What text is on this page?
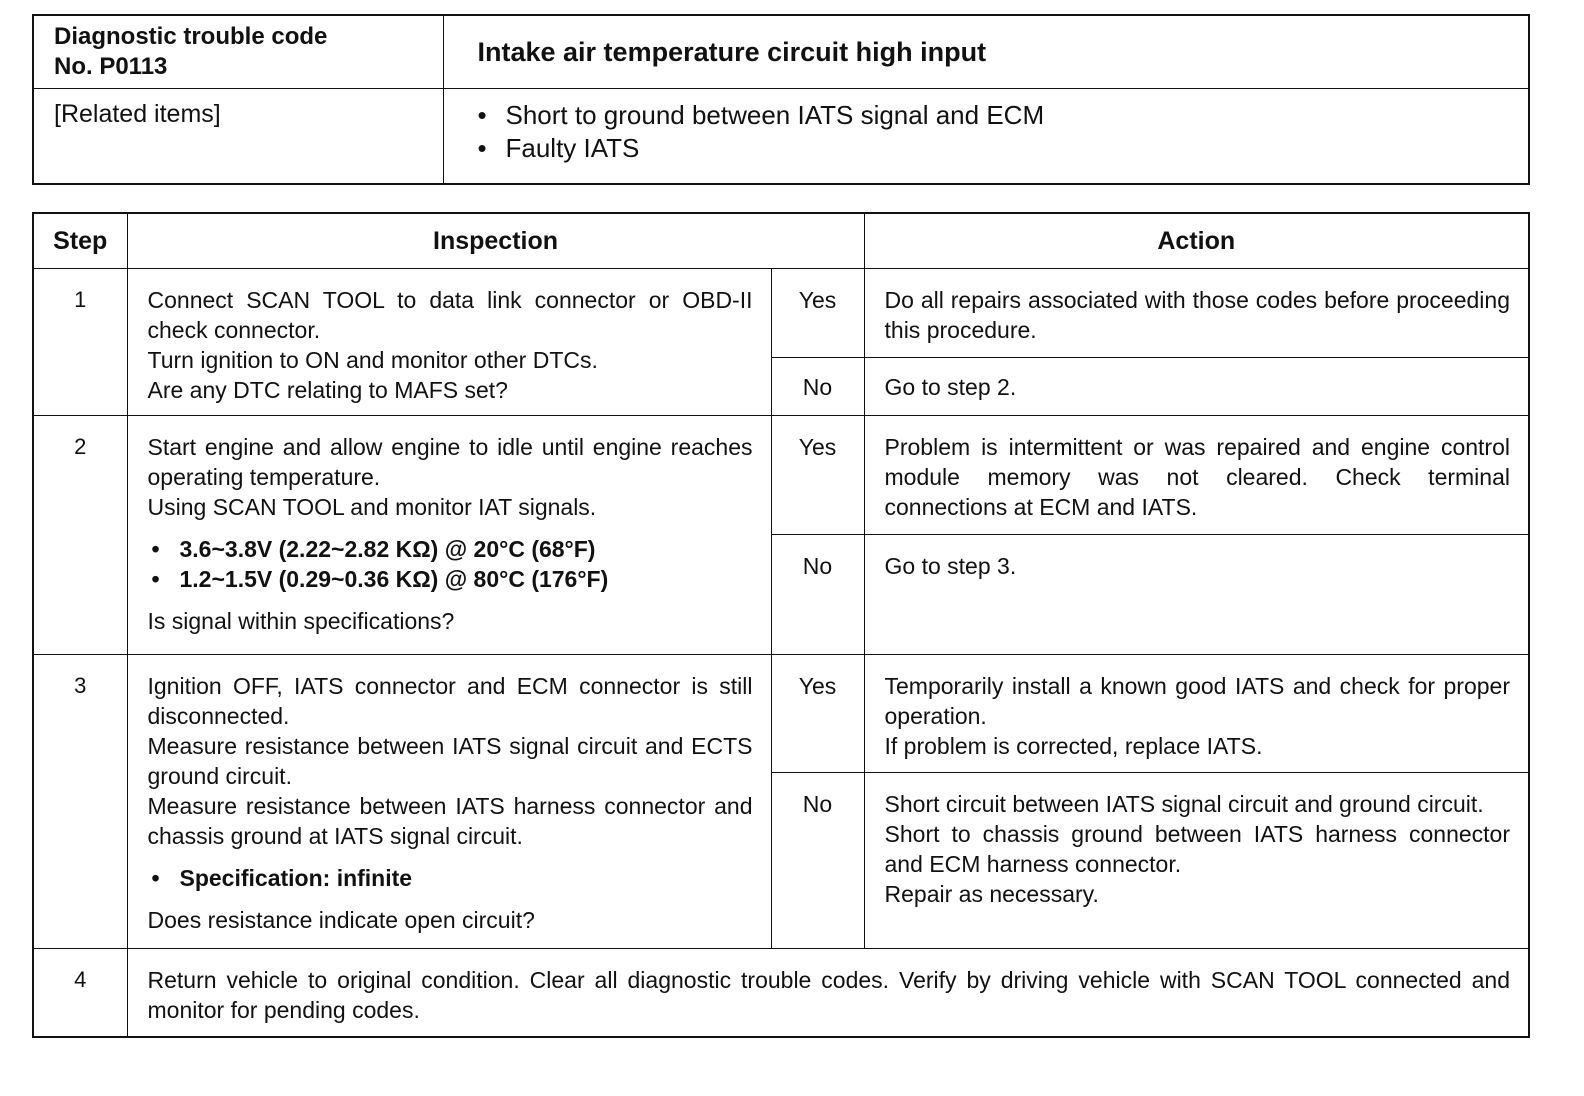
Diagnostic trouble code
No. P0113	Intake air temperature circuit high input
[Related items]	• Short to ground between IATS signal and ECM
• Faulty IATS
Step	Inspection		Action
1	Connect SCAN TOOL to data link connector or OBD-II check connector.
Turn ignition to ON and monitor other DTCs.
Are any DTC relating to MAFS set?	Yes	Do all repairs associated with those codes before proceeding this procedure.

		No	Go to step 2.

2	Start engine and allow engine to idle until engine reaches operating temperature.
Using SCAN TOOL and monitor IAT signals.
• 3.6~3.8V (2.22~2.82 KΩ) @ 20°C (68°F)
• 1.2~1.5V (0.29~0.36 KΩ) @ 80°C (176°F)
Is signal within specifications?	Yes	Problem is intermittent or was repaired and engine control module memory was not cleared. Check terminal connections at ECM and IATS.

		No	Go to step 3.

3	Ignition OFF, IATS connector and ECM connector is still disconnected.
Measure resistance between IATS signal circuit and ECTS ground circuit.
Measure resistance between IATS harness connector and chassis ground at IATS signal circuit.
• Specification: infinite
Does resistance indicate open circuit?	Yes	Temporarily install a known good IATS and check for proper operation.
If problem is corrected, replace IATS.

		No	Short circuit between IATS signal circuit and ground circuit.
Short to chassis ground between IATS harness connector and ECM harness connector.
Repair as necessary.

4	Return vehicle to original condition. Clear all diagnostic trouble codes. Verify by driving vehicle with SCAN TOOL connected and monitor for pending codes.		
